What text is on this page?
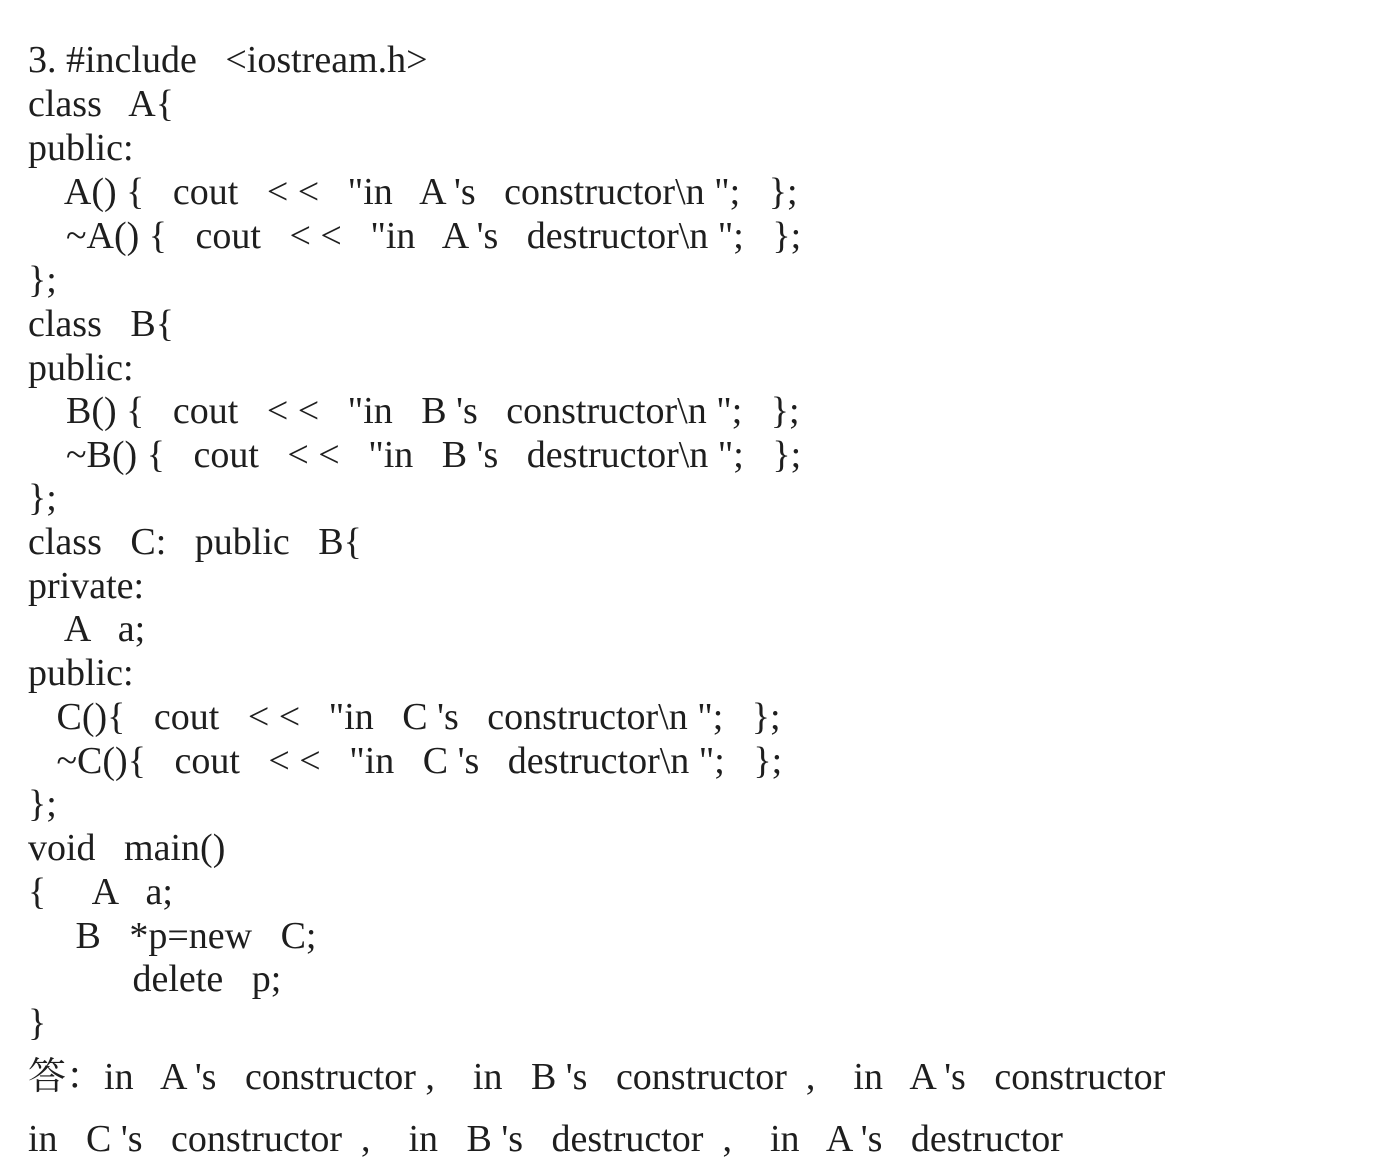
3. #include   <iostream.h>
class   A{
public:
A() {   cout   < <   "in   A 's   constructor\n ";   };
~A() {   cout   < <   "in   A 's   destructor\n ";   };
};
class   B{
public:
B() {   cout   < <   "in   B 's   constructor\n ";   };
~B() {   cout   < <   "in   B 's   destructor\n ";   };
};
class   C:   public   B{
private:
A   a;
public:
C(){   cout   < <   "in   C 's   constructor\n ";   };
~C(){   cout   < <   "in   C 's   destructor\n ";   };
};
void   main()
{     A   a;
B   *p=new   C;
delete   p;
}
答：in   A 's   constructor ,    in   B 's   constructor  ,    in   A 's   constructor
in   C 's   constructor  ,    in   B 's   destructor  ,    in   A 's   destructor
